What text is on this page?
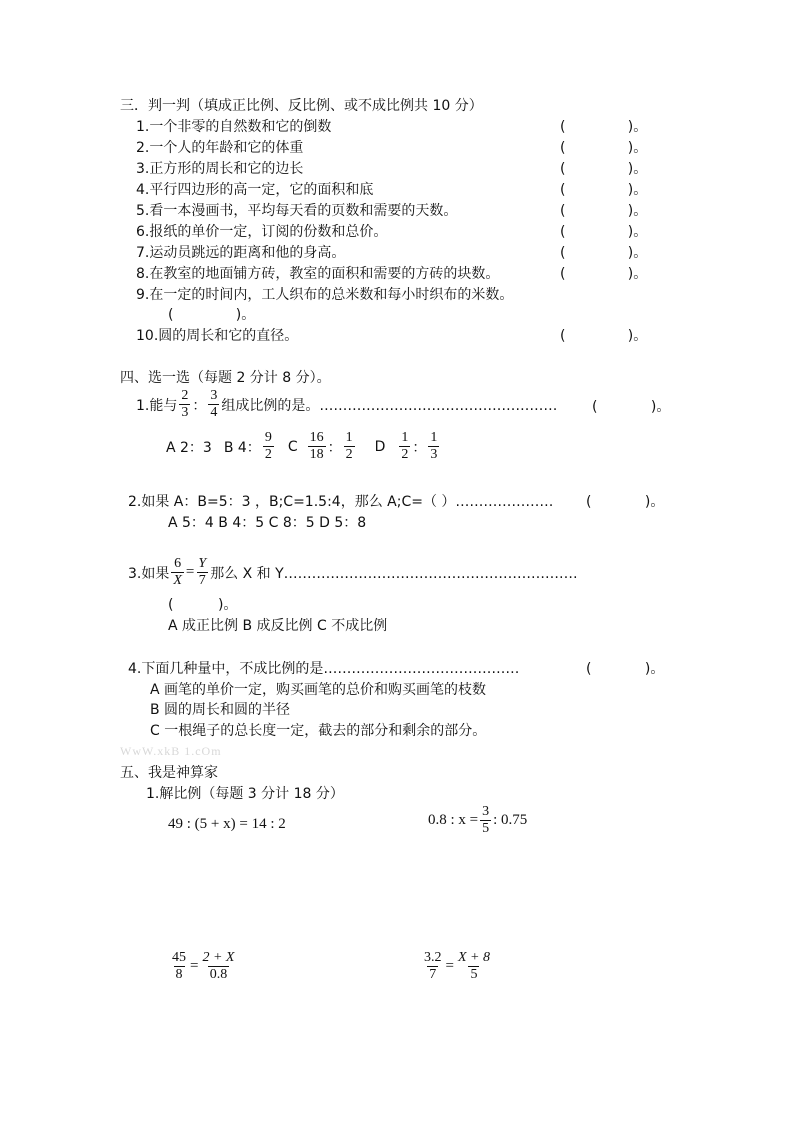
三．判一判（填成正比例、反比例、或不成比例共 10 分）
1.一个非零的自然数和它的倒数	(              )。
2.一个人的年龄和它的体重	(              )。
3.正方形的周长和它的边长	(              )。
4.平行四边形的高一定，它的面积和底	(              )。
5.看一本漫画书，平均每天看的页数和需要的天数。	(              )。
6.报纸的单价一定，订阅的份数和总价。	(              )。
7.运动员跳远的距离和他的身高。	(              )。
8.在教室的地面铺方砖，教室的面积和需要的方砖的块数。	(              )。
9.在一定的时间内，工人织布的总米数和每小时织布的米数。
(              )。
10.圆的周长和它的直径。	(              )。
四、选一选（每题 2 分计 8 分）。
1.能与 $\frac{2}{3}$ ： $\frac{3}{4}$ 组成比例的是。…………………………………………… (            )。
A 2：3 B 4： $\frac{9}{2}$ C $\frac{16}{18}$ ： $\frac{1}{2}$ D $\frac{1}{2}$ ： $\frac{1}{3}$
2.如果 A：B=5：3 ，B;C=1.5:4，那么 A;C=（ ）………………… (            )。
A 5：4 B 4：5 C 8：5 D 5：8
3.如果 $\frac{6}{X} = \frac{Y}{7}$ 那么 X 和 Y………………………………………………………
(          )。
A 成正比例 B 成反比例 C 不成比例
4.下面几种量中，不成比例的是……………………………………	(            )。
A 画笔的单价一定，购买画笔的总价和购买画笔的枝数
B 圆的周长和圆的半径
C 一根绳子的总长度一定，截去的部分和剩余的部分。
WwW.xkB 1.cOm
五、我是神算家
1.解比例（每题 3 分计 18 分）
49 : (5 + x) = 14 : 2	0.8 : $x = \frac{3}{5}$ : 0.75
$\frac{45}{8} = \frac{2 + X}{0.8}$	$\frac{3.2}{7} = \frac{X + 8}{5}$
